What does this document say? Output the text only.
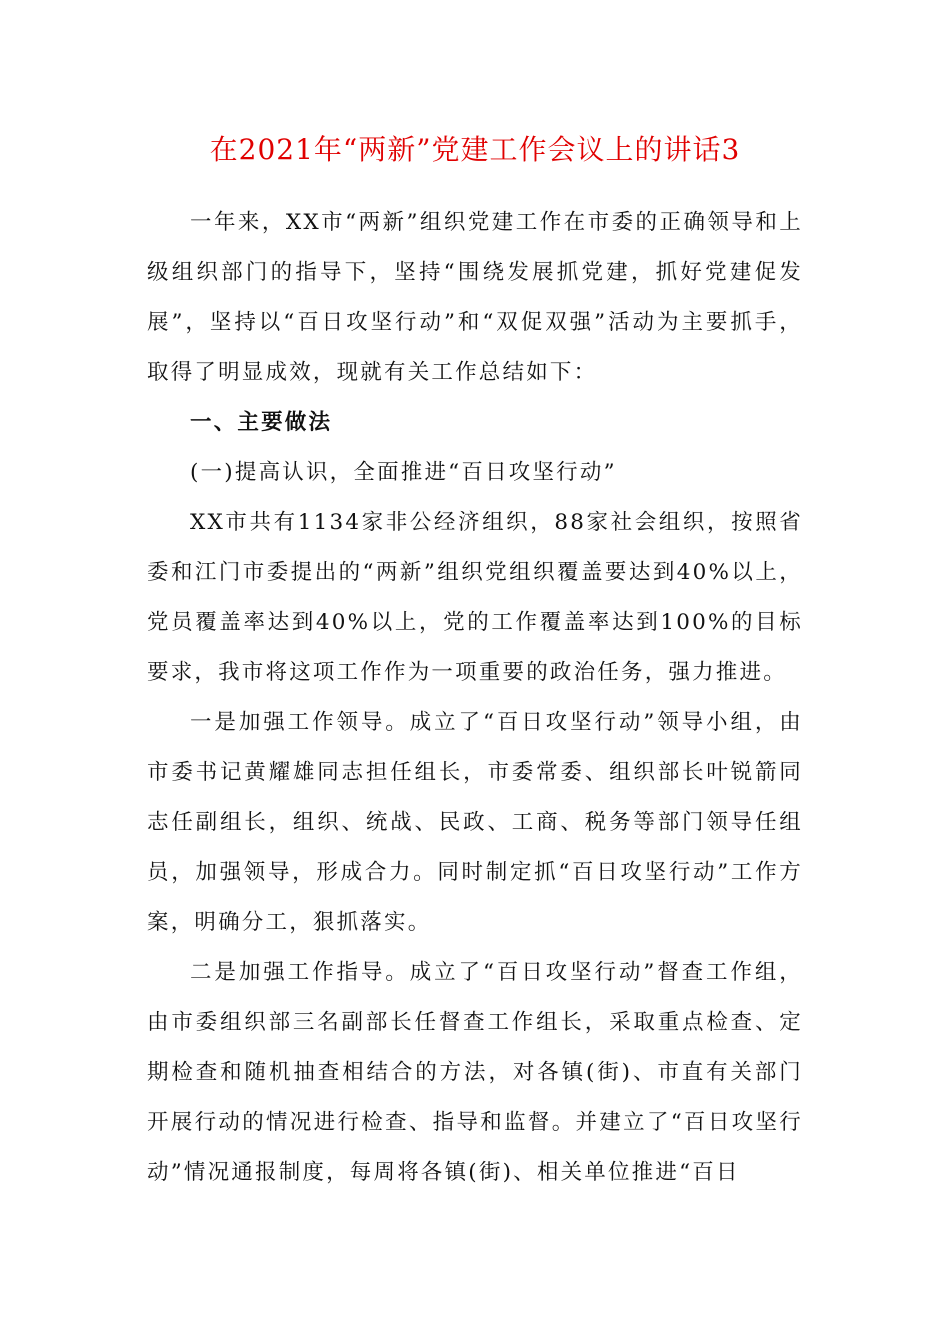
在2021年“两新”党建工作会议上的讲话3

一年来，XX市“两新”组织党建工作在市委的正确领导和上级组织部门的指导下，坚持“围绕发展抓党建，抓好党建促发展”，坚持以“百日攻坚行动”和“双促双强”活动为主要抓手，取得了明显成效，现就有关工作总结如下：

一、主要做法

(一)提高认识，全面推进“百日攻坚行动”

XX市共有1134家非公经济组织，88家社会组织，按照省委和江门市委提出的“两新”组织党组织覆盖要达到40%以上，党员覆盖率达到40%以上，党的工作覆盖率达到100%的目标要求，我市将这项工作作为一项重要的政治任务，强力推进。

一是加强工作领导。成立了“百日攻坚行动”领导小组，由市委书记黄耀雄同志担任组长，市委常委、组织部长叶锐箭同志任副组长，组织、统战、民政、工商、税务等部门领导任组员，加强领导，形成合力。同时制定抓“百日攻坚行动”工作方案，明确分工，狠抓落实。

二是加强工作指导。成立了“百日攻坚行动”督查工作组，由市委组织部三名副部长任督查工作组长，采取重点检查、定期检查和随机抽查相结合的方法，对各镇(街)、市直有关部门开展行动的情况进行检查、指导和监督。并建立了“百日攻坚行动”情况通报制度，每周将各镇(街)、相关单位推进“百日
